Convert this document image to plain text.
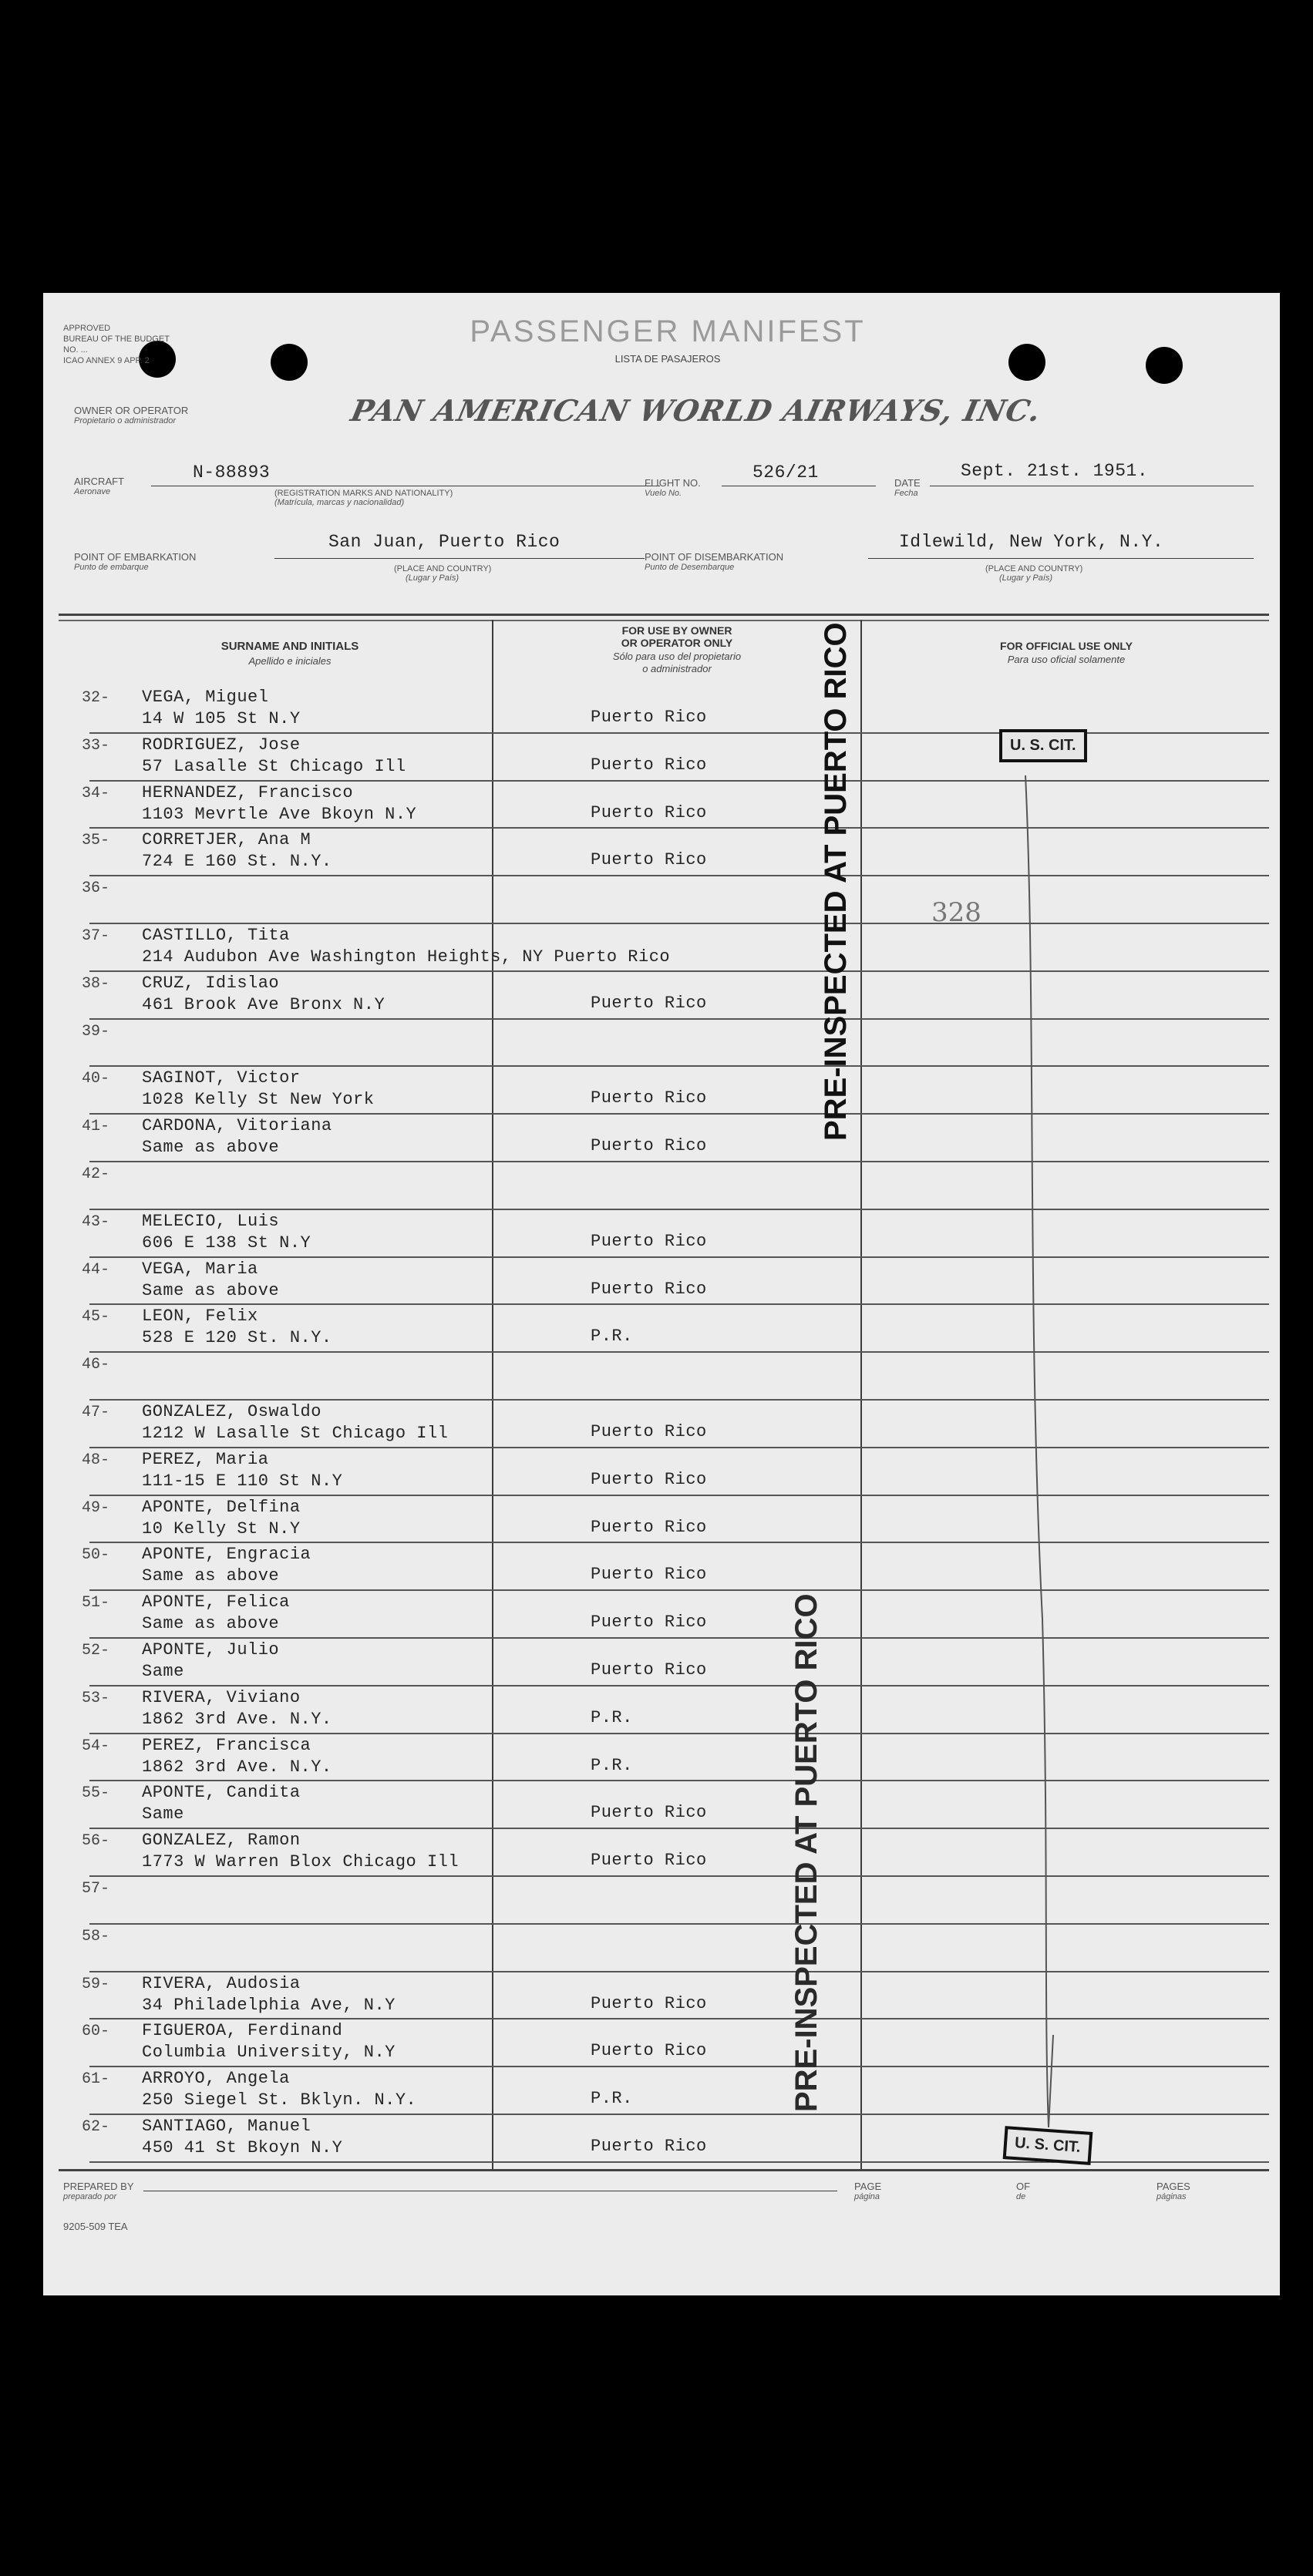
APPROVED
BUREAU OF THE BUDGET
NO. ...
ICAO ANNEX 9 APP. 2
PASSENGER MANIFEST
LISTA DE PASAJEROS
OWNER OR OPERATOR
Propietario o administrador	PAN AMERICAN WORLD AIRWAYS, INC.
AIRCRAFT
Aeronave
N-88893
(REGISTRATION MARKS AND NATIONALITY)
(Matrícula, marcas y nacionalidad)
FLIGHT NO.
Vuelo No.
526/21
DATE
Fecha
Sept. 21st. 1951.
POINT OF EMBARKATION
Punto de embarque
San Juan, Puerto Rico
(PLACE AND COUNTRY)
(Lugar y País)
POINT OF DISEMBARKATION
Punto de Desembarque
Idlewild, New York, N.Y.
(PLACE AND COUNTRY)
(Lugar y País)
SURNAME AND INITIALS
Apellido e iniciales
FOR USE BY OWNER
OR OPERATOR ONLY
Sólo para uso del propietario
o administrador
FOR OFFICIAL USE ONLY
Para uso oficial solamente
32- VEGA, Miguel
14 W 105 St N.Y	Puerto Rico
33- RODRIGUEZ, Jose
57 Lasalle St Chicago Ill	Puerto Rico
34- HERNANDEZ, Francisco
1103 Mevrtle Ave Bkoyn N.Y	Puerto Rico
35- CORRETJER, Ana M
724 E 160 St. N.Y.	Puerto Rico
36-
37- CASTILLO, Tita
214 Audubon Ave Washington Heights, NY Puerto Rico
38- CRUZ, Idislao
461 Brook Ave Bronx N.Y	Puerto Rico
39-
40- SAGINOT, Victor
1028 Kelly St New York	Puerto Rico
41- CARDONA, Vitoriana
Same as above	Puerto Rico
42-
43- MELECIO, Luis
606 E 138 St N.Y	Puerto Rico
44- VEGA, Maria
Same as above	Puerto Rico
45- LEON, Felix
528 E 120 St. N.Y.	P.R.
46-
47- GONZALEZ, Oswaldo
1212 W Lasalle St Chicago Ill	Puerto Rico
48- PEREZ, Maria
111-15 E 110 St N.Y	Puerto Rico
49- APONTE, Delfina
10 Kelly St N.Y	Puerto Rico
50- APONTE, Engracia
Same as above	Puerto Rico
51- APONTE, Felica
Same as above	Puerto Rico
52- APONTE, Julio
Same	Puerto Rico
53- RIVERA, Viviano
1862 3rd Ave. N.Y.	P.R.
54- PEREZ, Francisca
1862 3rd Ave. N.Y.	P.R.
55- APONTE, Candita
Same	Puerto Rico
56- GONZALEZ, Ramon
1773 W Warren Blox Chicago Ill	Puerto Rico
57-
58-
59- RIVERA, Audosia
34 Philadelphia Ave, N.Y	Puerto Rico
60- FIGUEROA, Ferdinand
Columbia University, N.Y	Puerto Rico
61- ARROYO, Angela
250 Siegel St. Bklyn. N.Y.	P.R.
62- SANTIAGO, Manuel
450 41 St Bkoyn N.Y	Puerto Rico
PRE-INSPECTED AT PUERTO RICO
PRE-INSPECTED AT PUERTO RICO
U. S. CIT.
U. S. CIT.
328
PREPARED BY
preparado por
9205-509 TEA
PAGE
página
OF
de
PAGES
páginas
